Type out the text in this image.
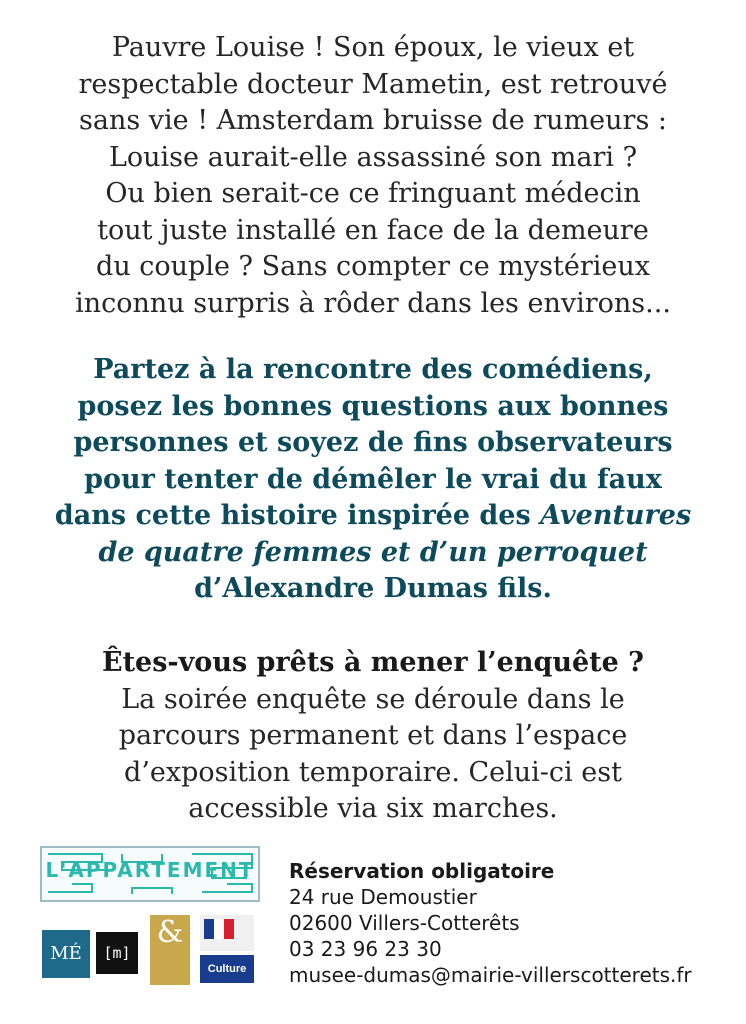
Pauvre Louise ! Son époux, le vieux et
respectable docteur Mametin, est retrouvé
sans vie ! Amsterdam bruisse de rumeurs :
Louise aurait-elle assassiné son mari ?
Ou bien serait-ce ce fringuant médecin
tout juste installé en face de la demeure
du couple ? Sans compter ce mystérieux
inconnu surpris à rôder dans les environs...

Partez à la rencontre des comédiens,
posez les bonnes questions aux bonnes
personnes et soyez de fins observateurs
pour tenter de démêler le vrai du faux
dans cette histoire inspirée des Aventures
de quatre femmes et d’un perroquet
d’Alexandre Dumas fils.

Êtes-vous prêts à mener l’enquête ?
La soirée enquête se déroule dans le
parcours permanent et dans l’espace
d’exposition temporaire. Celui-ci est
accessible via six marches.

L'APPARTEMENT
MÉ	[m]
&
Culture
Réservation obligatoire
24 rue Demoustier
02600 Villers-Cotterêts
03 23 96 23 30
musee-dumas@mairie-villerscotterets.fr
